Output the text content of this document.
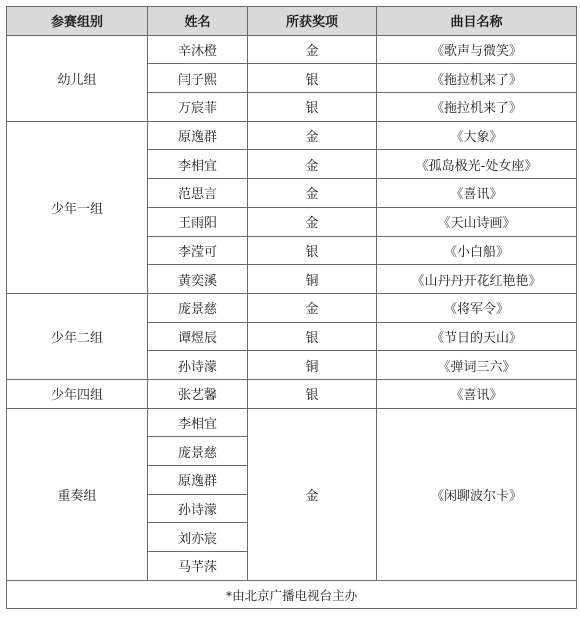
参赛组别	姓名	所获奖项	曲目名称
幼儿组	辛沐橙	金	《歌声与微笑》
	闫子熙	银	《拖拉机来了》
	万宸菲	银	《拖拉机来了》
少年一组	原逸群	金	《大象》
	李相宜	金	《孤岛极光-处女座》
	范思言	金	《喜讯》
	王雨阳	金	《天山诗画》
	李滢可	银	《小白船》
	黄奕溪	铜	《山丹丹开花红艳艳》
少年二组	庞景慈	金	《将军令》
	谭煜辰	银	《节日的天山》
	孙诗濛	铜	《弹词三六》
少年四组	张艺馨	银	《喜讯》
重奏组	李相宜	金	《闲聊波尔卡》
	庞景慈		
	原逸群		
	孙诗濛		
	刘亦宸		
	马芊莯		
*由北京广播电视台主办			
